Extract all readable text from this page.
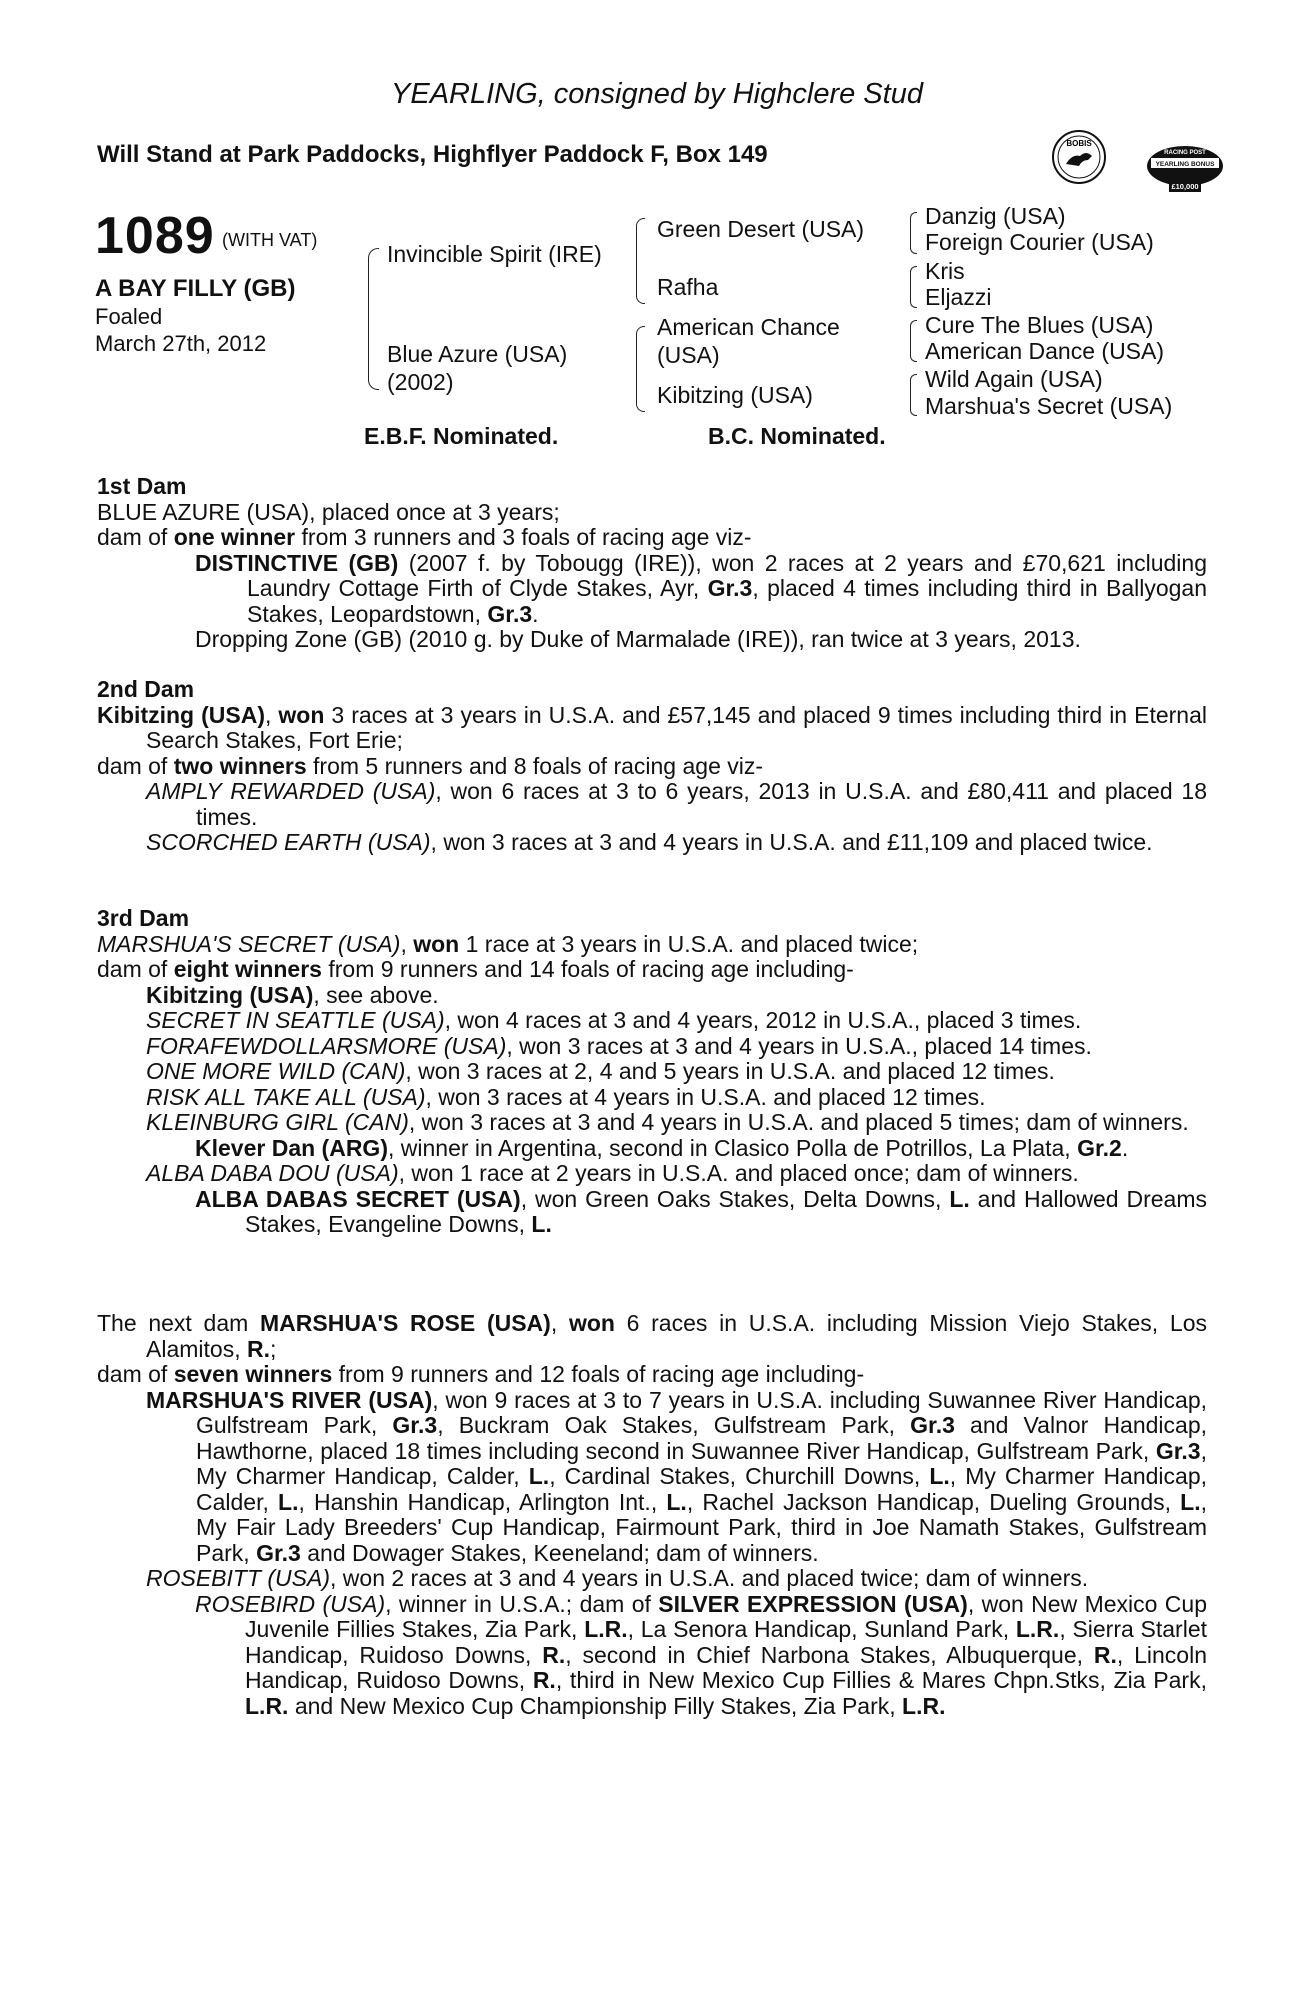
YEARLING, consigned by Highclere Stud
Will Stand at Park Paddocks, Highflyer Paddock F, Box 149	BOBIS
RACING POST
YEARLING BONUS
£10,000
1089 (WITH VAT)
A BAY FILLY (GB)
Foaled
March 27th, 2012
Invincible Spirit (IRE)
Blue Azure (USA)
(2002)
Green Desert (USA)
Rafha
American Chance
(USA)
Kibitzing (USA)
Danzig (USA)
Foreign Courier (USA)
Kris
Eljazzi
Cure The Blues (USA)
American Dance (USA)
Wild Again (USA)
Marshua's Secret (USA)
E.B.F. Nominated.	B.C. Nominated.

1st Dam

BLUE AZURE (USA), placed once at 3 years;

dam of one winner from 3 runners and 3 foals of racing age viz-

DISTINCTIVE (GB) (2007 f. by Tobougg (IRE)), won 2 races at 2 years and £70,621 including Laundry Cottage Firth of Clyde Stakes, Ayr, Gr.3, placed 4 times including third in Ballyogan Stakes, Leopardstown, Gr.3.

Dropping Zone (GB) (2010 g. by Duke of Marmalade (IRE)), ran twice at 3 years, 2013.

2nd Dam

Kibitzing (USA), won 3 races at 3 years in U.S.A. and £57,145 and placed 9 times including third in Eternal Search Stakes, Fort Erie;

dam of two winners from 5 runners and 8 foals of racing age viz-

AMPLY REWARDED (USA), won 6 races at 3 to 6 years, 2013 in U.S.A. and £80,411 and placed 18 times.

SCORCHED EARTH (USA), won 3 races at 3 and 4 years in U.S.A. and £11,109 and placed twice.

3rd Dam

MARSHUA'S SECRET (USA), won 1 race at 3 years in U.S.A. and placed twice;

dam of eight winners from 9 runners and 14 foals of racing age including-

Kibitzing (USA), see above.

SECRET IN SEATTLE (USA), won 4 races at 3 and 4 years, 2012 in U.S.A., placed 3 times.

FORAFEWDOLLARSMORE (USA), won 3 races at 3 and 4 years in U.S.A., placed 14 times.

ONE MORE WILD (CAN), won 3 races at 2, 4 and 5 years in U.S.A. and placed 12 times.

RISK ALL TAKE ALL (USA), won 3 races at 4 years in U.S.A. and placed 12 times.

KLEINBURG GIRL (CAN), won 3 races at 3 and 4 years in U.S.A. and placed 5 times; dam of winners.

Klever Dan (ARG), winner in Argentina, second in Clasico Polla de Potrillos, La Plata, Gr.2.

ALBA DABA DOU (USA), won 1 race at 2 years in U.S.A. and placed once; dam of winners.

ALBA DABAS SECRET (USA), won Green Oaks Stakes, Delta Downs, L. and Hallowed Dreams Stakes, Evangeline Downs, L.

The next dam MARSHUA'S ROSE (USA), won 6 races in U.S.A. including Mission Viejo Stakes, Los Alamitos, R.;

dam of seven winners from 9 runners and 12 foals of racing age including-

MARSHUA'S RIVER (USA), won 9 races at 3 to 7 years in U.S.A. including Suwannee River Handicap, Gulfstream Park, Gr.3, Buckram Oak Stakes, Gulfstream Park, Gr.3 and Valnor Handicap, Hawthorne, placed 18 times including second in Suwannee River Handicap, Gulfstream Park, Gr.3, My Charmer Handicap, Calder, L., Cardinal Stakes, Churchill Downs, L., My Charmer Handicap, Calder, L., Hanshin Handicap, Arlington Int., L., Rachel Jackson Handicap, Dueling Grounds, L., My Fair Lady Breeders' Cup Handicap, Fairmount Park, third in Joe Namath Stakes, Gulfstream Park, Gr.3 and Dowager Stakes, Keeneland; dam of winners.

ROSEBITT (USA), won 2 races at 3 and 4 years in U.S.A. and placed twice; dam of winners.

ROSEBIRD (USA), winner in U.S.A.; dam of SILVER EXPRESSION (USA), won New Mexico Cup Juvenile Fillies Stakes, Zia Park, L.R., La Senora Handicap, Sunland Park, L.R., Sierra Starlet Handicap, Ruidoso Downs, R., second in Chief Narbona Stakes, Albuquerque, R., Lincoln Handicap, Ruidoso Downs, R., third in New Mexico Cup Fillies & Mares Chpn.Stks, Zia Park, L.R. and New Mexico Cup Championship Filly Stakes, Zia Park, L.R.
